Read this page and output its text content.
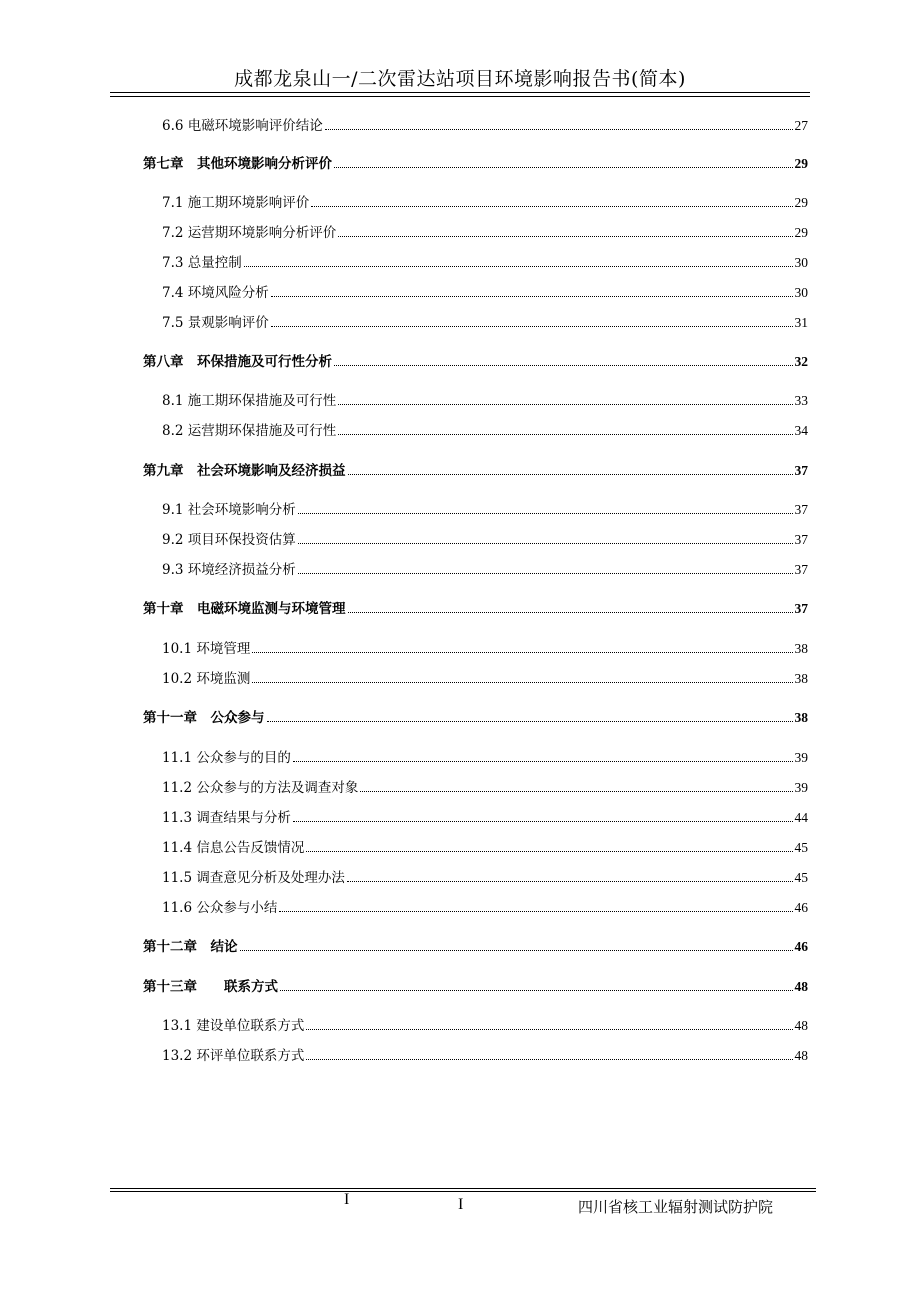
成都龙泉山一/二次雷达站项目环境影响报告书(简本)
6.6 电磁环境影响评价结论	27
第七章　其他环境影响分析评价	29
7.1 施工期环境影响评价	29
7.2 运营期环境影响分析评价	29
7.3 总量控制	30
7.4 环境风险分析	30
7.5 景观影响评价	31
第八章　环保措施及可行性分析	32
8.1 施工期环保措施及可行性	33
8.2 运营期环保措施及可行性	34
第九章　社会环境影响及经济损益	37
9.1 社会环境影响分析	37
9.2 项目环保投资估算	37
9.3 环境经济损益分析	37
第十章　电磁环境监测与环境管理	37
10.1 环境管理	38
10.2 环境监测	38
第十一章　公众参与	38
11.1 公众参与的目的	39
11.2 公众参与的方法及调查对象	39
11.3 调查结果与分析	44
11.4 信息公告反馈情况	45
11.5 调查意见分析及处理办法	45
11.6 公众参与小结	46
第十二章　结论	46
第十三章　　联系方式	48
13.1 建设单位联系方式	48
13.2 环评单位联系方式	48
I	I	四川省核工业辐射测试防护院
